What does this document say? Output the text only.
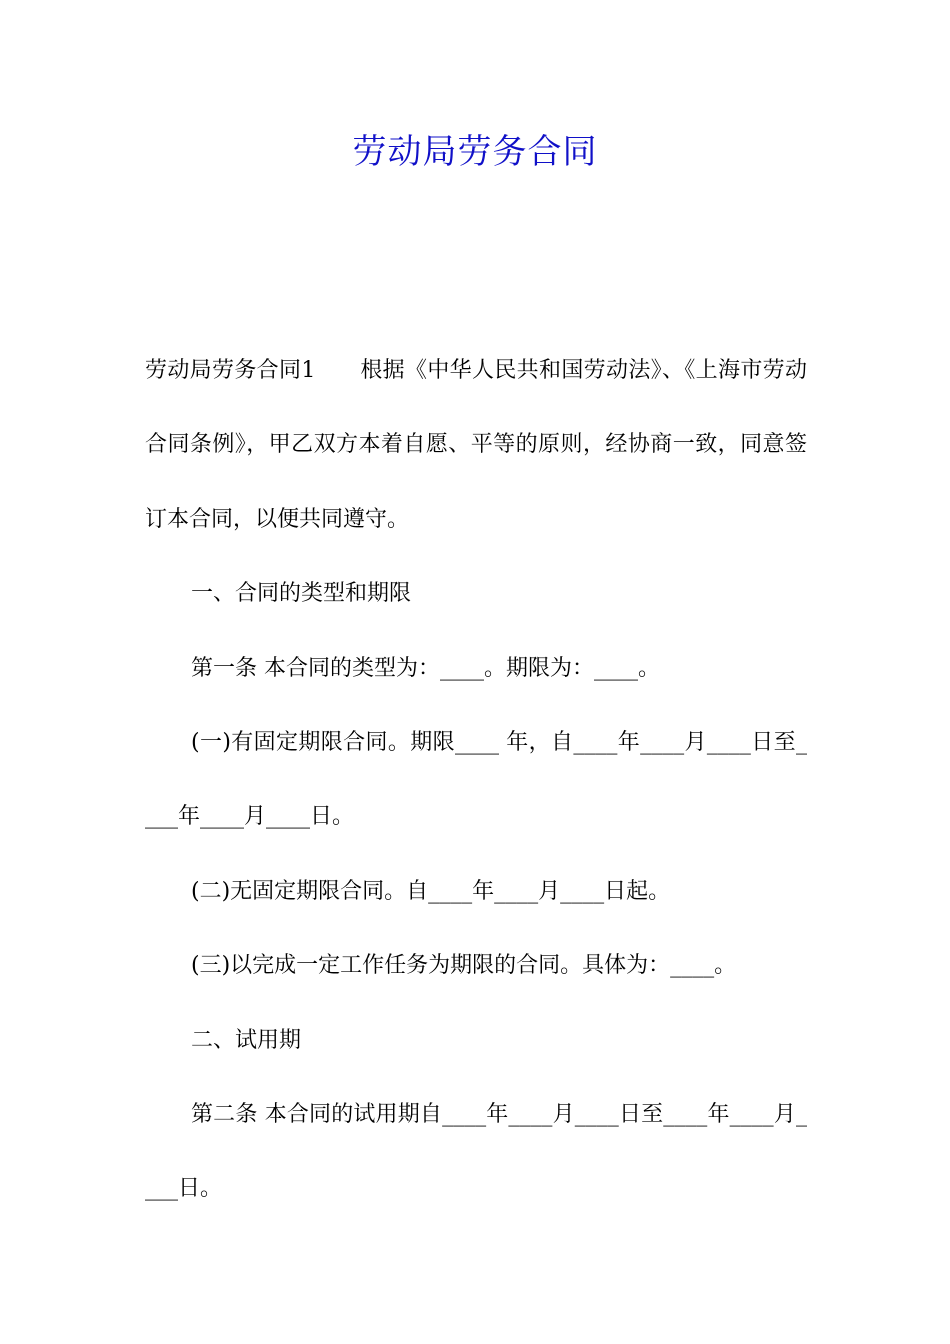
劳动局劳务合同

劳动局劳务合同1　　根据《中华人民共和国劳动法》、《上海市劳动合同条例》，甲乙双方本着自愿、平等的原则，经协商一致，同意签订本合同，以便共同遵守。

一、合同的类型和期限

第一条 本合同的类型为：____。期限为：____。

(一)有固定期限合同。期限____ 年，自____年____月____日至____年____月____日。

(二)无固定期限合同。自____年____月____日起。

(三)以完成一定工作任务为期限的合同。具体为：____。

二、试用期

第二条 本合同的试用期自____年____月____日至____年____月____日。
